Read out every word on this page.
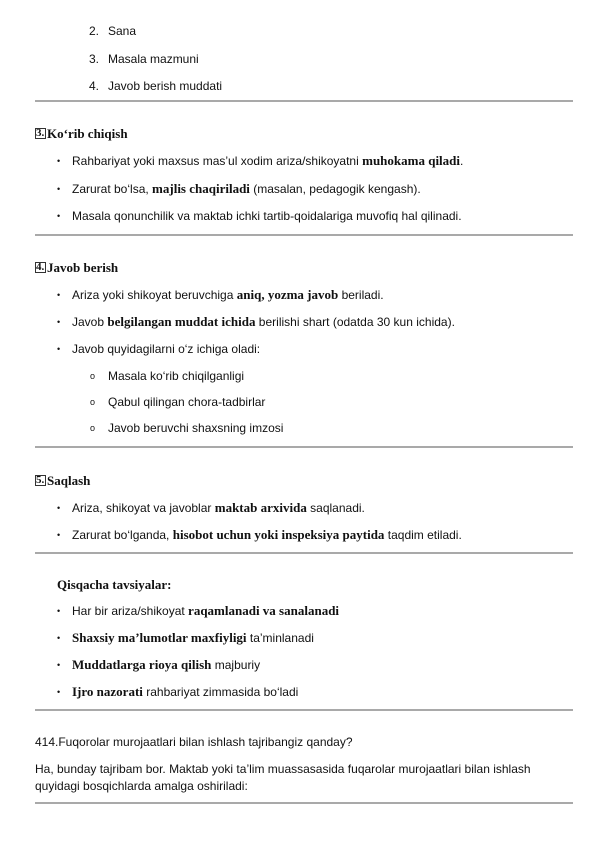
2. Sana
3. Masala mazmuni
4. Javob berish muddati
3. Ko‘rib chiqish
• Rahbariyat yoki maxsus mas’ul xodim ariza/shikoyatni muhokama qiladi.
• Zarurat bo‘lsa, majlis chaqiriladi (masalan, pedagogik kengash).
• Masala qonunchilik va maktab ichki tartib-qoidalariga muvofiq hal qilinadi.
4. Javob berish
• Ariza yoki shikoyat beruvchiga aniq, yozma javob beriladi.
• Javob belgilangan muddat ichida berilishi shart (odatda 30 kun ichida).
• Javob quyidagilarni o‘z ichiga oladi:
o Masala ko‘rib chiqilganligi
o Qabul qilingan chora-tadbirlar
o Javob beruvchi shaxsning imzosi
5. Saqlash
• Ariza, shikoyat va javoblar maktab arxivida saqlanadi.
• Zarurat bo‘lganda, hisobot uchun yoki inspeksiya paytida taqdim etiladi.
Qisqacha tavsiyalar:
• Har bir ariza/shikoyat raqamlanadi va sanalanadi
• Shaxsiy ma’lumotlar maxfiyligi ta’minlanadi
• Muddatlarga rioya qilish majburiy
• Ijro nazorati rahbariyat zimmasida bo‘ladi
414.Fuqorolar murojaatlari bilan ishlash tajribangiz qanday?
Ha, bunday tajribam bor. Maktab yoki ta’lim muassasasida fuqarolar murojaatlari bilan ishlash
quyidagi bosqichlarda amalga oshiriladi:
